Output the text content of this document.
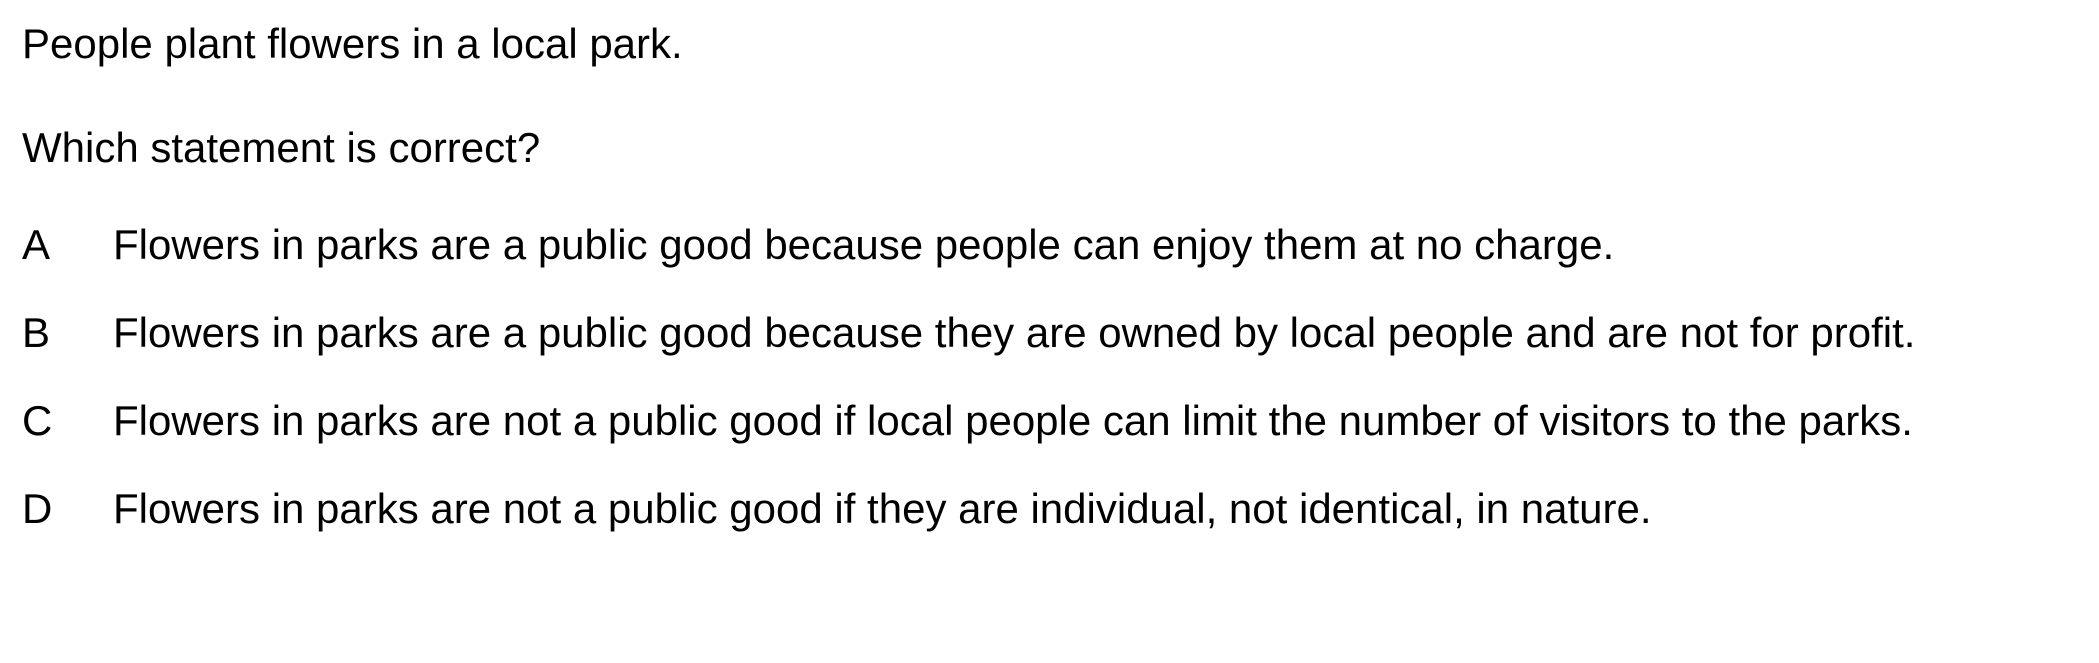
People plant flowers in a local park.

Which statement is correct?

A	Flowers in parks are a public good because people can enjoy them at no charge.
B	Flowers in parks are a public good because they are owned by local people and are not for profit.
C	Flowers in parks are not a public good if local people can limit the number of visitors to the parks.
D	Flowers in parks are not a public good if they are individual, not identical, in nature.
